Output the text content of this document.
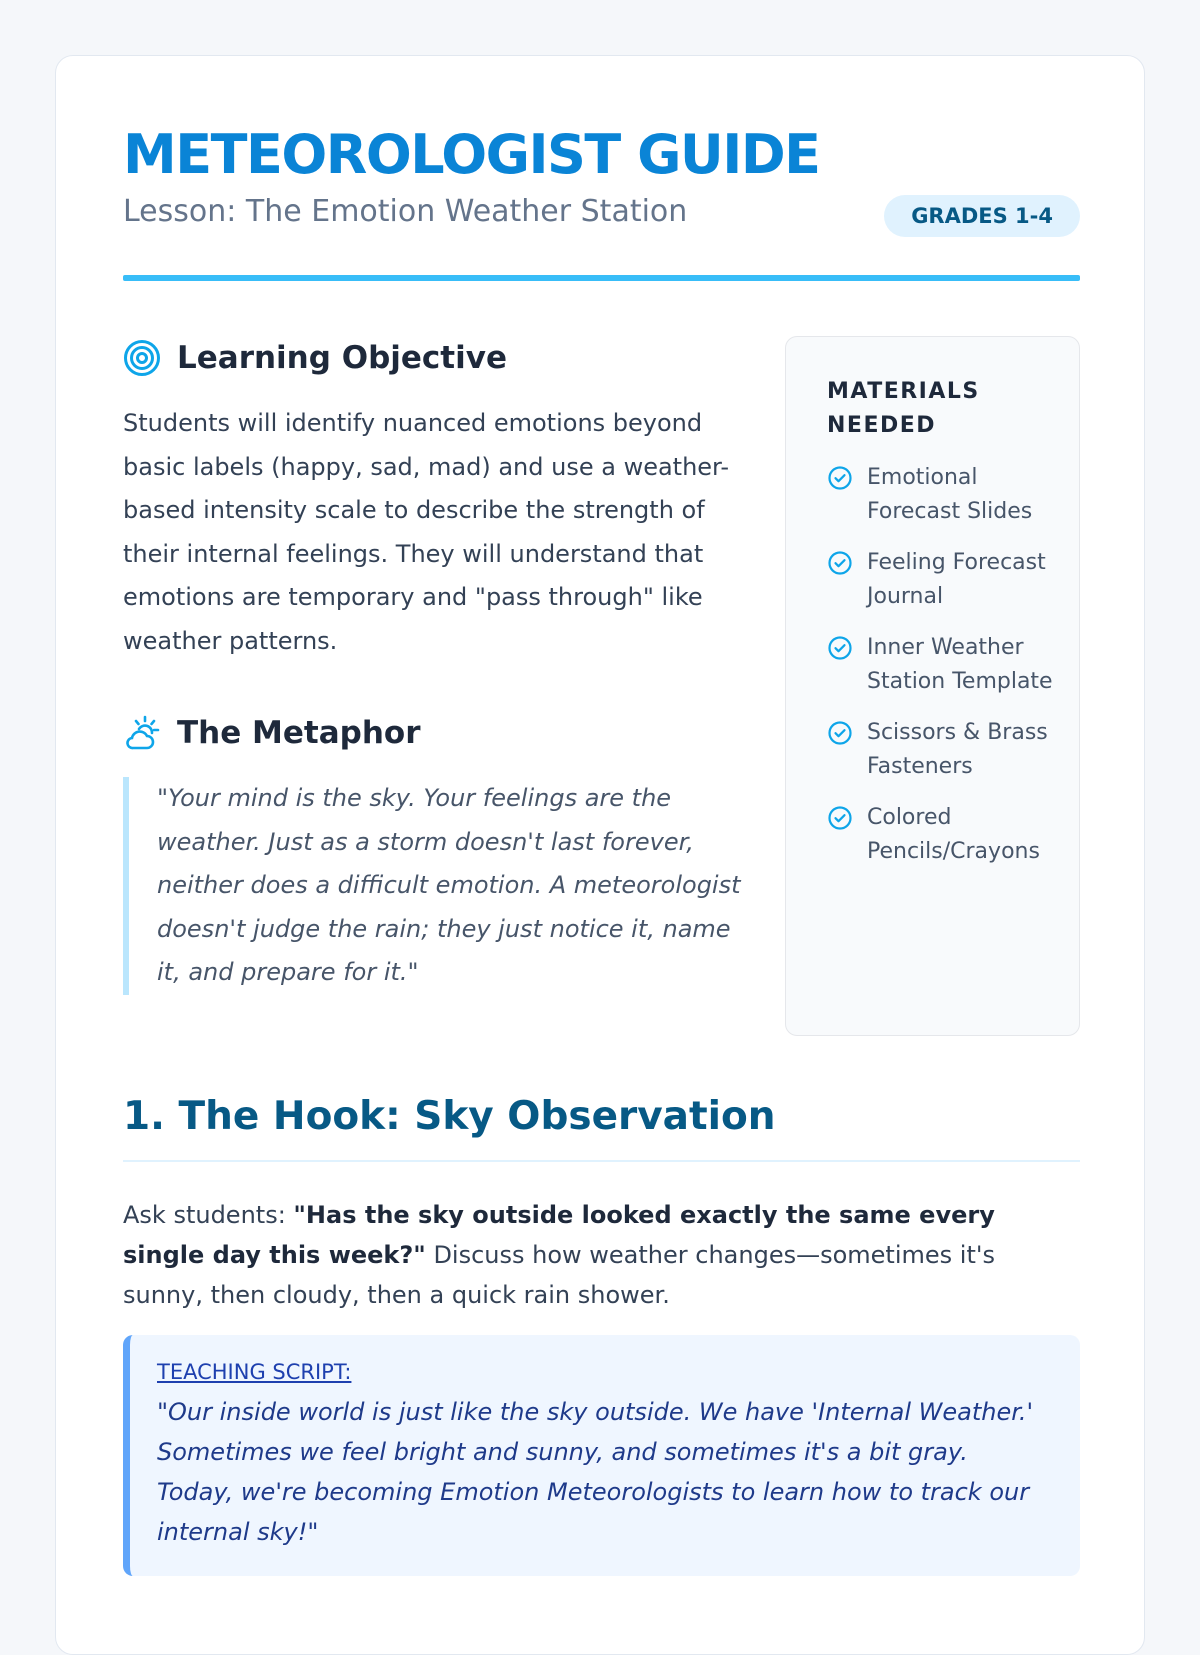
METEOROLOGIST GUIDE
Lesson: The Emotion Weather Station	GRADES 1-4
Learning Objective

Students will identify nuanced emotions beyond basic labels (happy, sad, mad) and use a weather-based intensity scale to describe the strength of their internal feelings. They will understand that emotions are temporary and "pass through" like weather patterns.

The Metaphor
"Your mind is the sky. Your feelings are the weather. Just as a storm doesn't last forever, neither does a difficult emotion. A meteorologist doesn't judge the rain; they just notice it, name it, and prepare for it."
MATERIALS NEEDED
Emotional Forecast Slides
Feeling Forecast Journal
Inner Weather Station Template
Scissors & Brass Fasteners
Colored Pencils/Crayons
1. The Hook: Sky Observation
Ask students: "Has the sky outside looked exactly the same every single day this week?" Discuss how weather changes—sometimes it's sunny, then cloudy, then a quick rain shower.
TEACHING SCRIPT:
"Our inside world is just like the sky outside. We have 'Internal Weather.' Sometimes we feel bright and sunny, and sometimes it's a bit gray. Today, we're becoming Emotion Meteorologists to learn how to track our internal sky!"
